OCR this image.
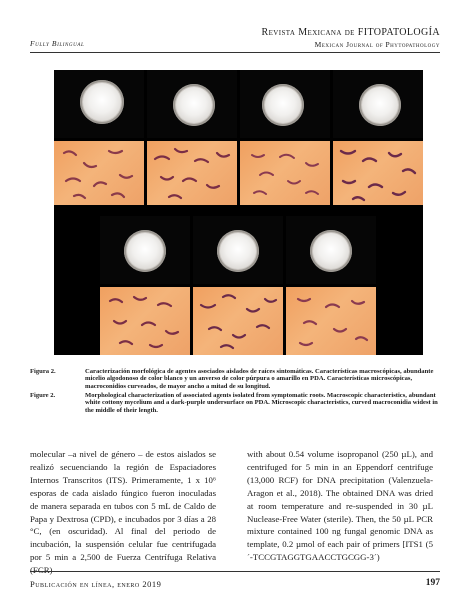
Fully Bilingual
Revista Mexicana de FITOPATOLOGÍA
Mexican Journal of Phytopathology
Figura 2.	Caracterización morfológica de agentes asociados aislados de raíces sintomáticas. Características macroscópicas, abundante micelio algodonoso de color blanco y un anverso de color púrpura o amarillo en PDA. Características microscópicas, macroconidios curveados, de mayor ancho a mitad de su longitud.
Figure 2.	Morphological characterization of associated agents isolated from symptomatic roots. Macroscopic characteristics, abundant white cottony mycelium and a dark-purple undersurface on PDA. Microscopic characteristics, curved macroconidia widest in the middle of their length.

molecular –a nivel de género – de estos aislados se realizó secuenciando la región de Espaciadores Internos Transcritos (ITS). Primeramente, 1 x 10⁶ esporas de cada aislado fúngico fueron inoculadas de manera separada en tubos con 5 mL de Caldo de Papa y Dextrosa (CPD), e incubados por 3 días a 28 °C, (en oscuridad). Al final del periodo de incubación, la suspensión celular fue centrifugada por 5 min a 2,500 de Fuerza Centrífuga Relativa (FCR)

with about 0.54 volume isopropanol (250 µL), and centrifuged for 5 min in an Eppendorf centrifuge (13,000 RCF) for DNA precipitation (Valenzuela-Aragon et al., 2018). The obtained DNA was dried at room temperature and re-suspended in 30 µL Nuclease-Free Water (sterile). Then, the 50 µL PCR mixture contained 100 ng fungal genomic DNA as template, 0.2 µmol of each pair of primers [ITS1 (5´-TCCGTAGGTGAACCTGCGG-3´)

Publicación en línea, enero 2019	197
